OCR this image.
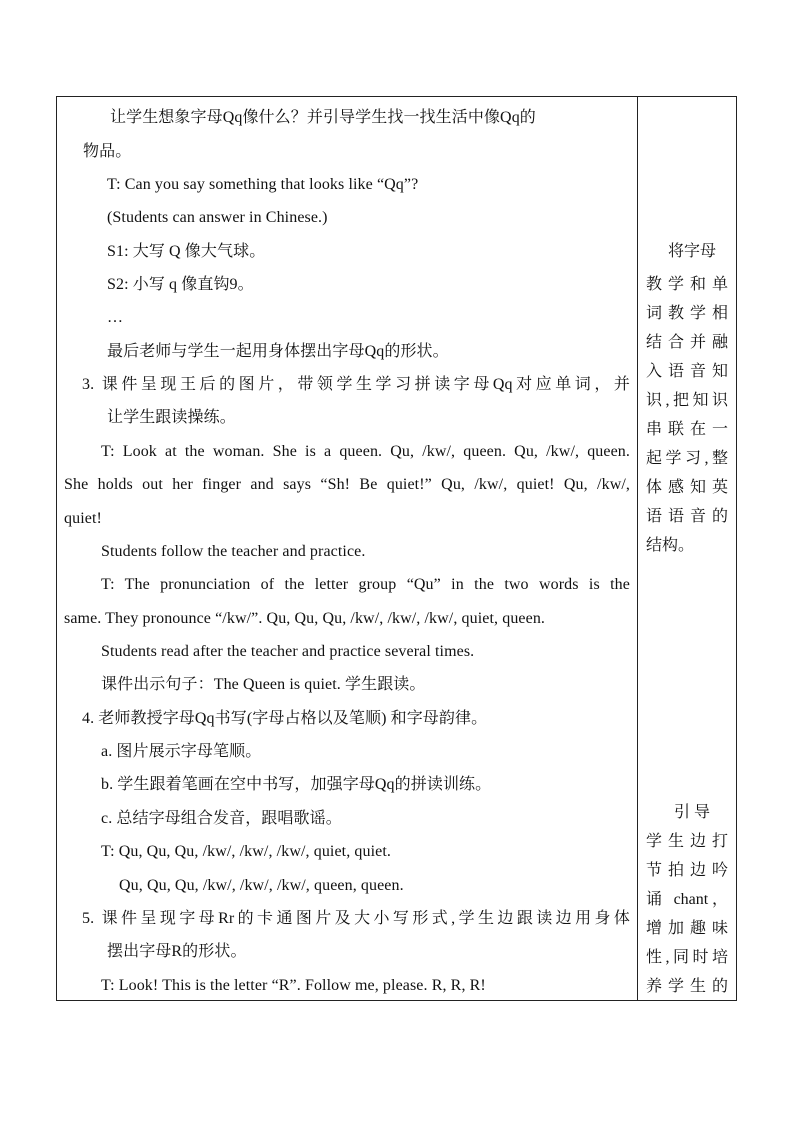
让学生想象字母Qq像什么？并引导学生找一找生活中像Qq的
物品。
T: Can you say something that looks like “Qq”?
(Students can answer in Chinese.)
S1: 大写 Q 像大气球。
S2: 小写 q 像直钩9。
…
最后老师与学生一起用身体摆出字母Qq的形状。
3. 课件呈现王后的图片，带领学生学习拼读字母Qq对应单词，并
让学生跟读操练。
T: Look at the woman. She is a queen. Qu, /kw/, queen. Qu, /kw/, queen.
She holds out her finger and says “Sh! Be quiet!” Qu, /kw/, quiet! Qu, /kw/,
quiet!
Students follow the teacher and practice.
T: The pronunciation of the letter group “Qu” in the two words is the
same. They pronounce “/kw/”. Qu, Qu, Qu, /kw/, /kw/, /kw/, quiet, queen.
Students read after the teacher and practice several times.
课件出示句子：The Queen is quiet. 学生跟读。
4. 老师教授字母Qq书写(字母占格以及笔顺) 和字母韵律。
a. 图片展示字母笔顺。
b. 学生跟着笔画在空中书写，加强字母Qq的拼读训练。
c. 总结字母组合发音，跟唱歌谣。
T: Qu, Qu, Qu, /kw/, /kw/, /kw/, quiet, quiet.
Qu, Qu, Qu, /kw/, /kw/, /kw/, queen, queen.
5. 课件呈现字母Rr的卡通图片及大小写形式,学生边跟读边用身体
摆出字母R的形状。
T: Look! This is the letter “R”. Follow me, please. R, R, R!
将字母
教学和单
词教学相
结合并融
入语音知
识,把知识
串联在一
起学习,整
体感知英
语语音的
结构。
引 导
学生边打
节拍边吟
诵 chant，
增加趣味
性,同时培
养学生的
